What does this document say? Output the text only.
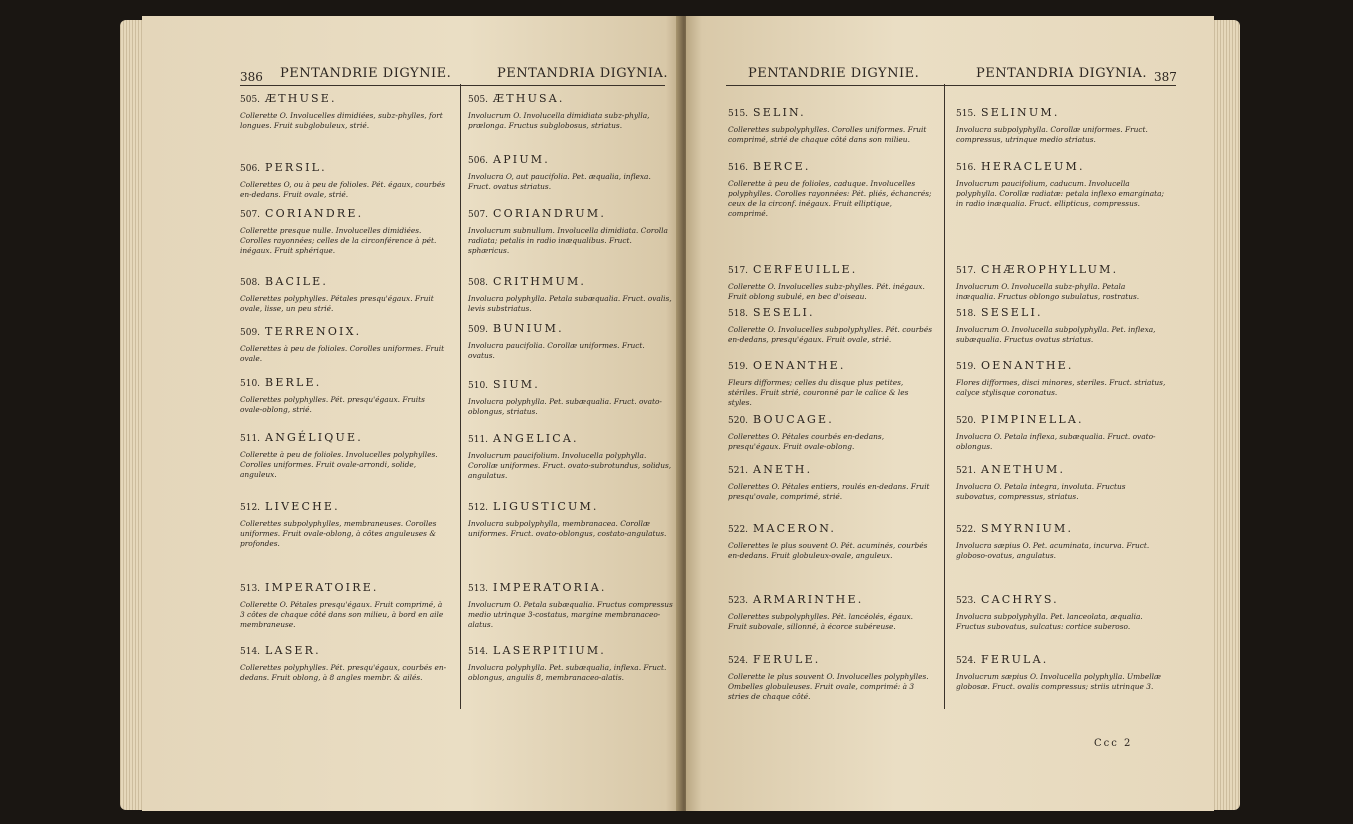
386 PENTANDRIE DIGYNIE.	PENTANDRIA DIGYNIA.
505. ÆTHUSE.
Collerette O. Involucelles dimidiées, subz-phylles, fort longues. Fruit subglobuleux, strié.
506. PERSIL.
Collerettes O, ou à peu de folioles. Pét. égaux, courbés en-dedans. Fruit ovale, strié.
507. CORIANDRE.
Collerette presque nulle. Involucelles dimidiées. Corolles rayonnées; celles de la circonférence à pét. inégaux. Fruit sphérique.
508. BACILE.
Collerettes polyphylles. Pétales presqu'égaux. Fruit ovale, lisse, un peu strié.
509. TERRENOIX.
Collerettes à peu de folioles. Corolles uniformes. Fruit ovale.
510. BERLE.
Collerettes polyphylles. Pét. presqu'égaux. Fruits ovale-oblong, strié.
511. ANGÉLIQUE.
Collerette à peu de folioles. Involucelles polyphylles. Corolles uniformes. Fruit ovale-arrondi, solide, anguleux.
512. LIVECHE.
Collerettes subpolyphylles, membraneuses. Corolles uniformes. Fruit ovale-oblong, à côtes anguleuses & profondes.
513. IMPERATOIRE.
Collerette O. Pétales presqu'égaux. Fruit comprimé, à 3 côtes de chaque côté dans son milieu, à bord en aile membraneuse.
514. LASER.
Collerettes polyphylles. Pét. presqu'égaux, courbés en-dedans. Fruit oblong, à 8 angles membr. & ailés.
505. ÆTHUSA.
Involucrum O. Involucella dimidiata subz-phylla, prælonga. Fructus subglobosus, striatus.
506. APIUM.
Involucra O, aut paucifolia. Pet. æqualia, inflexa. Fruct. ovatus striatus.
507. CORIANDRUM.
Involucrum subnullum. Involucella dimidiata. Corolla radiata; petalis in radio inæqualibus. Fruct. sphæricus.
508. CRITHMUM.
Involucra polyphylla. Petala subæqualia. Fruct. ovalis, levis substriatus.
509. BUNIUM.
Involucra paucifolia. Corollæ uniformes. Fruct. ovatus.
510. SIUM.
Involucra polyphylla. Pet. subæqualia. Fruct. ovato-oblongus, striatus.
511. ANGELICA.
Involucrum paucifolium. Involucella polyphylla. Corollæ uniformes. Fruct. ovato-subrotundus, solidus, angulatus.
512. LIGUSTICUM.
Involucra subpolyphylla, membranacea. Corollæ uniformes. Fruct. ovato-oblongus, costato-angulatus.
513. IMPERATORIA.
Involucrum O. Petala subæqualia. Fructus compressus medio utrinque 3-costatus, margine membranaceo-alatus.
514. LASERPITIUM.
Involucra polyphylla. Pet. subæqualia, inflexa. Fruct. oblongus, angulis 8, membranaceo-alatis.
PENTANDRIE DIGYNIE.	PENTANDRIA DIGYNIA. 387
515. SELIN.
Collerettes subpolyphylles. Corolles uniformes. Fruit comprimé, strié de chaque côté dans son milieu.
516. BERCE.
Collerette à peu de folioles, caduque. Involucelles polyphylles. Corolles rayonnées: Pét. pliés, échancrés; ceux de la circonf. inégaux. Fruit elliptique, comprimé.
517. CERFEUILLE.
Collerette O. Involucelles subz-phylles. Pét. inégaux. Fruit oblong subulé, en bec d'oiseau.
518. SESELI.
Collerette O. Involucelles subpolyphylles. Pét. courbés en-dedans, presqu'égaux. Fruit ovale, strié.
519. OENANTHE.
Fleurs difformes; celles du disque plus petites, stériles. Fruit strié, couronné par le calice & les styles.
520. BOUCAGE.
Collerettes O. Pétales courbés en-dedans, presqu'égaux. Fruit ovale-oblong.
521. ANETH.
Collerettes O. Pétales entiers, roulés en-dedans. Fruit presqu'ovale, comprimé, strié.
522. MACERON.
Collerettes le plus souvent O. Pét. acuminés, courbés en-dedans. Fruit globuleux-ovale, anguleux.
523. ARMARINTHE.
Collerettes subpolyphylles. Pét. lancéolés, égaux. Fruit subovale, sillonné, à écorce subéreuse.
524. FERULE.
Collerette le plus souvent O. Involucelles polyphylles. Ombelles globuleuses. Fruit ovale, comprimé: à 3 stries de chaque côté.
515. SELINUM.
Involucra subpolyphylla. Corollæ uniformes. Fruct. compressus, utrinque medio striatus.
516. HERACLEUM.
Involucrum paucifolium, caducum. Involucella polyphylla. Corollæ radiatæ: petala inflexo emarginata; in radio inæqualia. Fruct. ellipticus, compressus.
517. CHÆROPHYLLUM.
Involucrum O. Involucella subz-phylla. Petala inæqualia. Fructus oblongo subulatus, rostratus.
518. SESELI.
Involucrum O. Involucella subpolyphylla. Pet. inflexa, subæqualia. Fructus ovatus striatus.
519. OENANTHE.
Flores difformes, disci minores, steriles. Fruct. striatus, calyce stylisque coronatus.
520. PIMPINELLA.
Involucra O. Petala inflexa, subæqualia. Fruct. ovato-oblongus.
521. ANETHUM.
Involucra O. Petala integra, involuta. Fructus subovatus, compressus, striatus.
522. SMYRNIUM.
Involucra sæpius O. Pet. acuminata, incurva. Fruct. globoso-ovatus, angulatus.
523. CACHRYS.
Involucra subpolyphylla. Pet. lanceolata, æqualia. Fructus subovatus, sulcatus: cortice suberoso.
524. FERULA.
Involucrum sæpius O. Involucella polyphylla. Umbellæ globosæ. Fruct. ovalis compressus; striis utrinque 3.
Ccc 2
